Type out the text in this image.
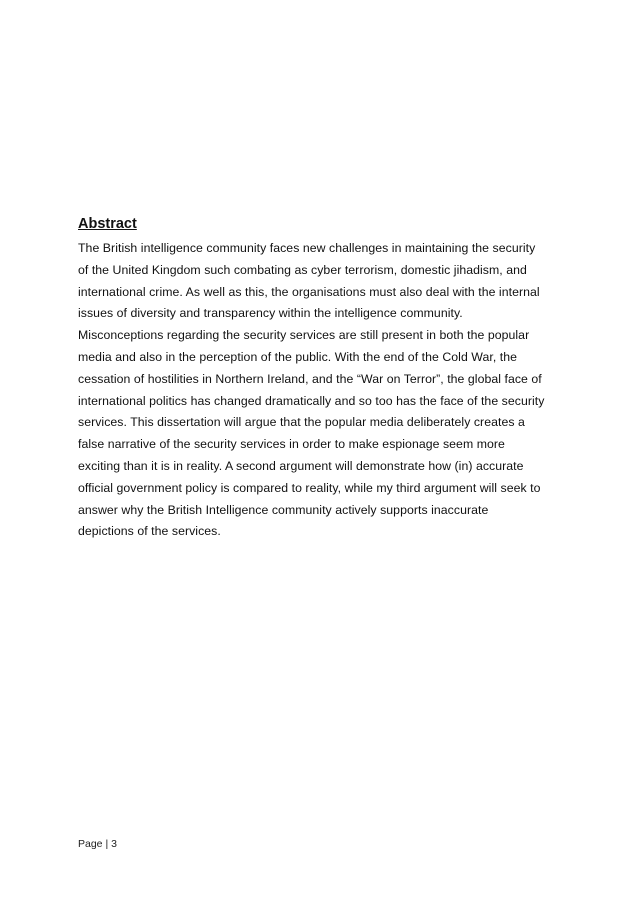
Abstract
The British intelligence community faces new challenges in maintaining the security
of the United Kingdom such combating as cyber terrorism, domestic jihadism, and
international crime. As well as this, the organisations must also deal with the internal
issues of diversity and transparency within the intelligence community.
Misconceptions regarding the security services are still present in both the popular
media and also in the perception of the public. With the end of the Cold War, the
cessation of hostilities in Northern Ireland, and the “War on Terror”, the global face of
international politics has changed dramatically and so too has the face of the security
services. This dissertation will argue that the popular media deliberately creates a
false narrative of the security services in order to make espionage seem more
exciting than it is in reality. A second argument will demonstrate how (in) accurate
official government policy is compared to reality, while my third argument will seek to
answer why the British Intelligence community actively supports inaccurate
depictions of the services.
Page | 3
